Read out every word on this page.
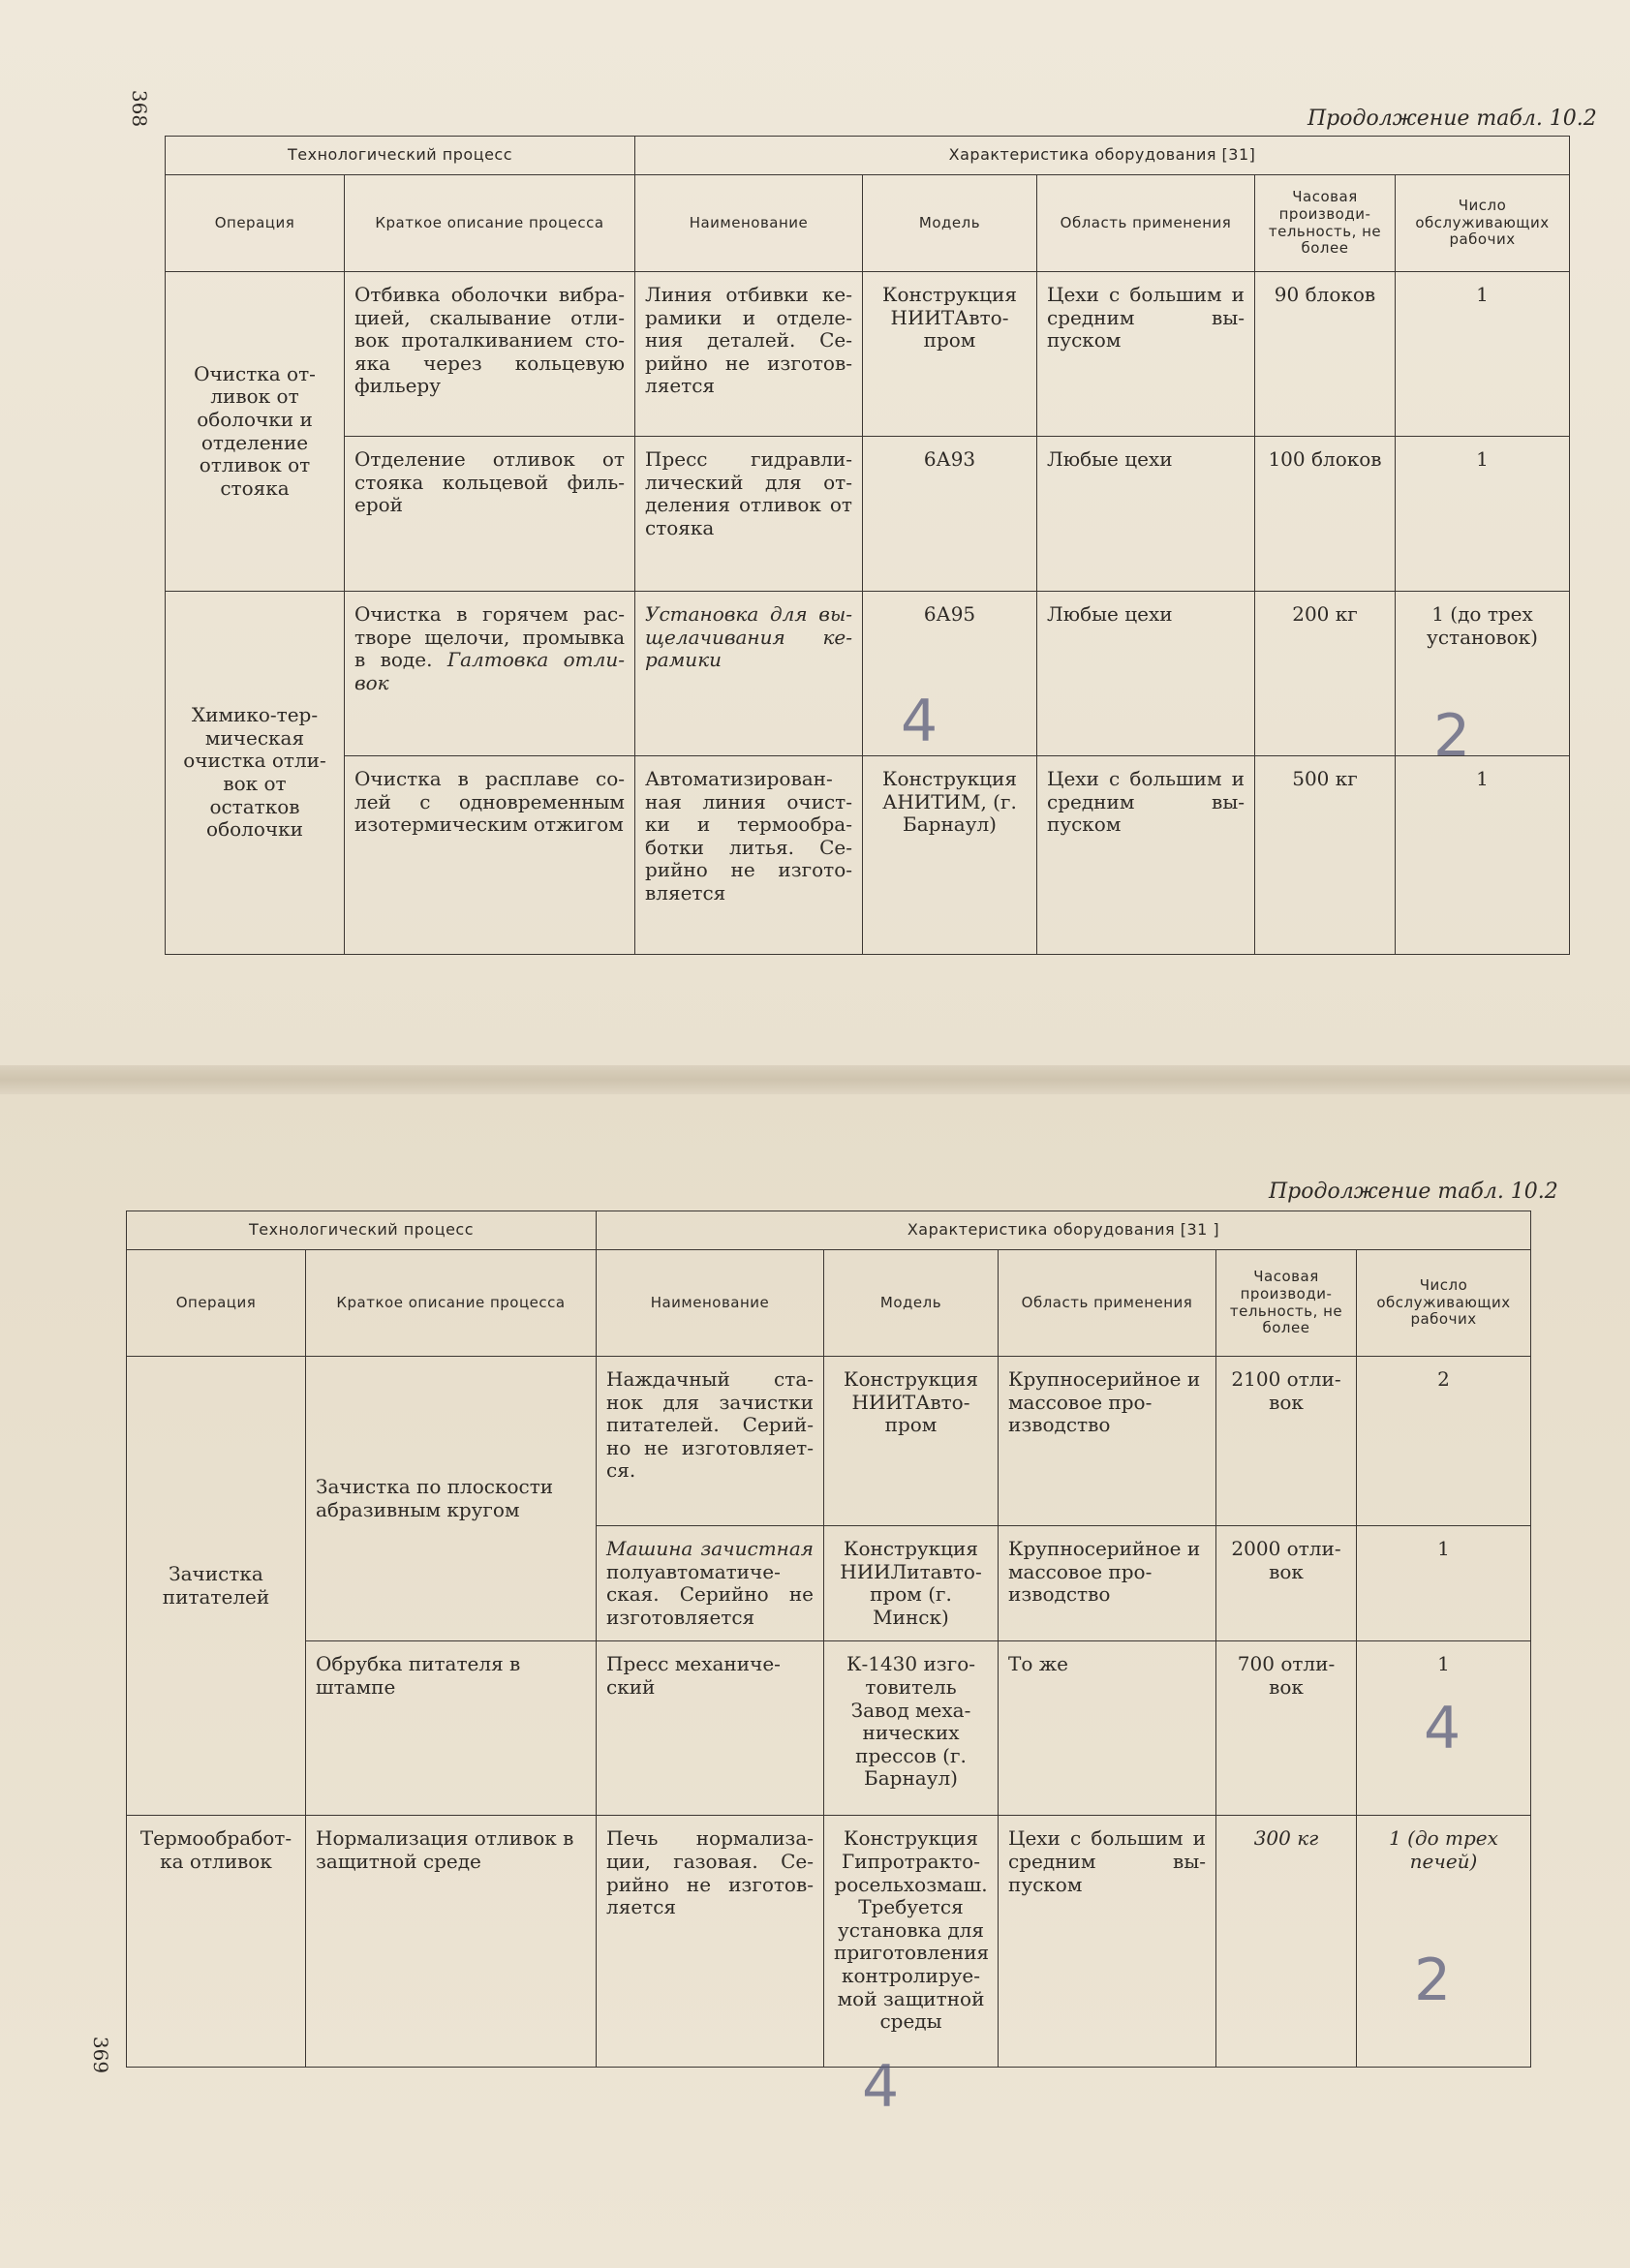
368	Продолжение табл. 10.2
Технологический процесс		Характеристика оборудования [31]				
Операция	Краткое описание процесса	Наименование	Модель	Область применения	Часовая производи- тельность, не более	Число обслуживающих рабочих
Очистка от- ливок от оболочки и отделение отливок от стояка	Отбивка оболочки вибра- цией, скалывание отли- вок проталкиванием сто- яка через кольцевую фильеру	Линия отбивки ке- рамики и отделе- ния деталей. Се- рийно не изготов- ляется	Конструкция НИИТАвто- пром	Цехи с большим и средним вы- пуском	90 блоков	1
	Отделение отливок от стояка кольцевой филь- ерой	Пресс гидравли- лический для от- деления отливок от стояка	6А93	Любые цехи	100 блоков	1
Химико-тер- мическая очистка отли- вок от остатков оболочки	Очистка в горячем рас- творе щелочи, промывка в воде. Галтовка отли- вок	Установка для вы- щелачивания ке- рамики	6А95	Любые цехи	200 кг	1 (до трех установок)
	Очистка в расплаве со- лей с одновременным изотермическим отжигом	Автоматизирован- ная линия очист- ки и термообра- ботки литья. Се- рийно не изгото- вляется	Конструкция АНИТИМ, (г. Барнаул)	Цехи с большим и средним вы- пуском	500 кг	1
Продолжение табл. 10.2
369
Технологический процесс		Характеристика оборудования [31 ]				
Операция	Краткое описание процесса	Наименование	Модель	Область применения	Часовая производи- тельность, не более	Число обслуживающих рабочих
Зачистка питателей	Зачистка по плоскости абразивным кругом	Наждачный ста- нок для зачистки питателей. Серий- но не изготовляет- ся.	Конструкция НИИТАвто- пром	Крупносерийное и массовое про- изводство	2100 отли- вок	2
		Машина зачистная полуавтоматиче- ская. Серийно не изготовляется	Конструкция НИИЛитавто- пром (г. Минск)	Крупносерийное и массовое про- изводство	2000 отли- вок	1
	Обрубка питателя в штампе	Пресс механиче- ский	К-1430 изго- товитель Завод меха- нических прессов (г. Барнаул)	То же	700 отли- вок	1
Термообработ- ка отливок	Нормализация отливок в защитной среде	Печь нормализа- ции, газовая. Се- рийно не изготов- ляется	Конструкция Гипротракто- росельхозмаш. Требуется установка для приготовления контролируе- мой защитной среды	Цехи с большим и средним вы- пуском	300 кг	1 (до трех печей)
4	2
4
2
4
